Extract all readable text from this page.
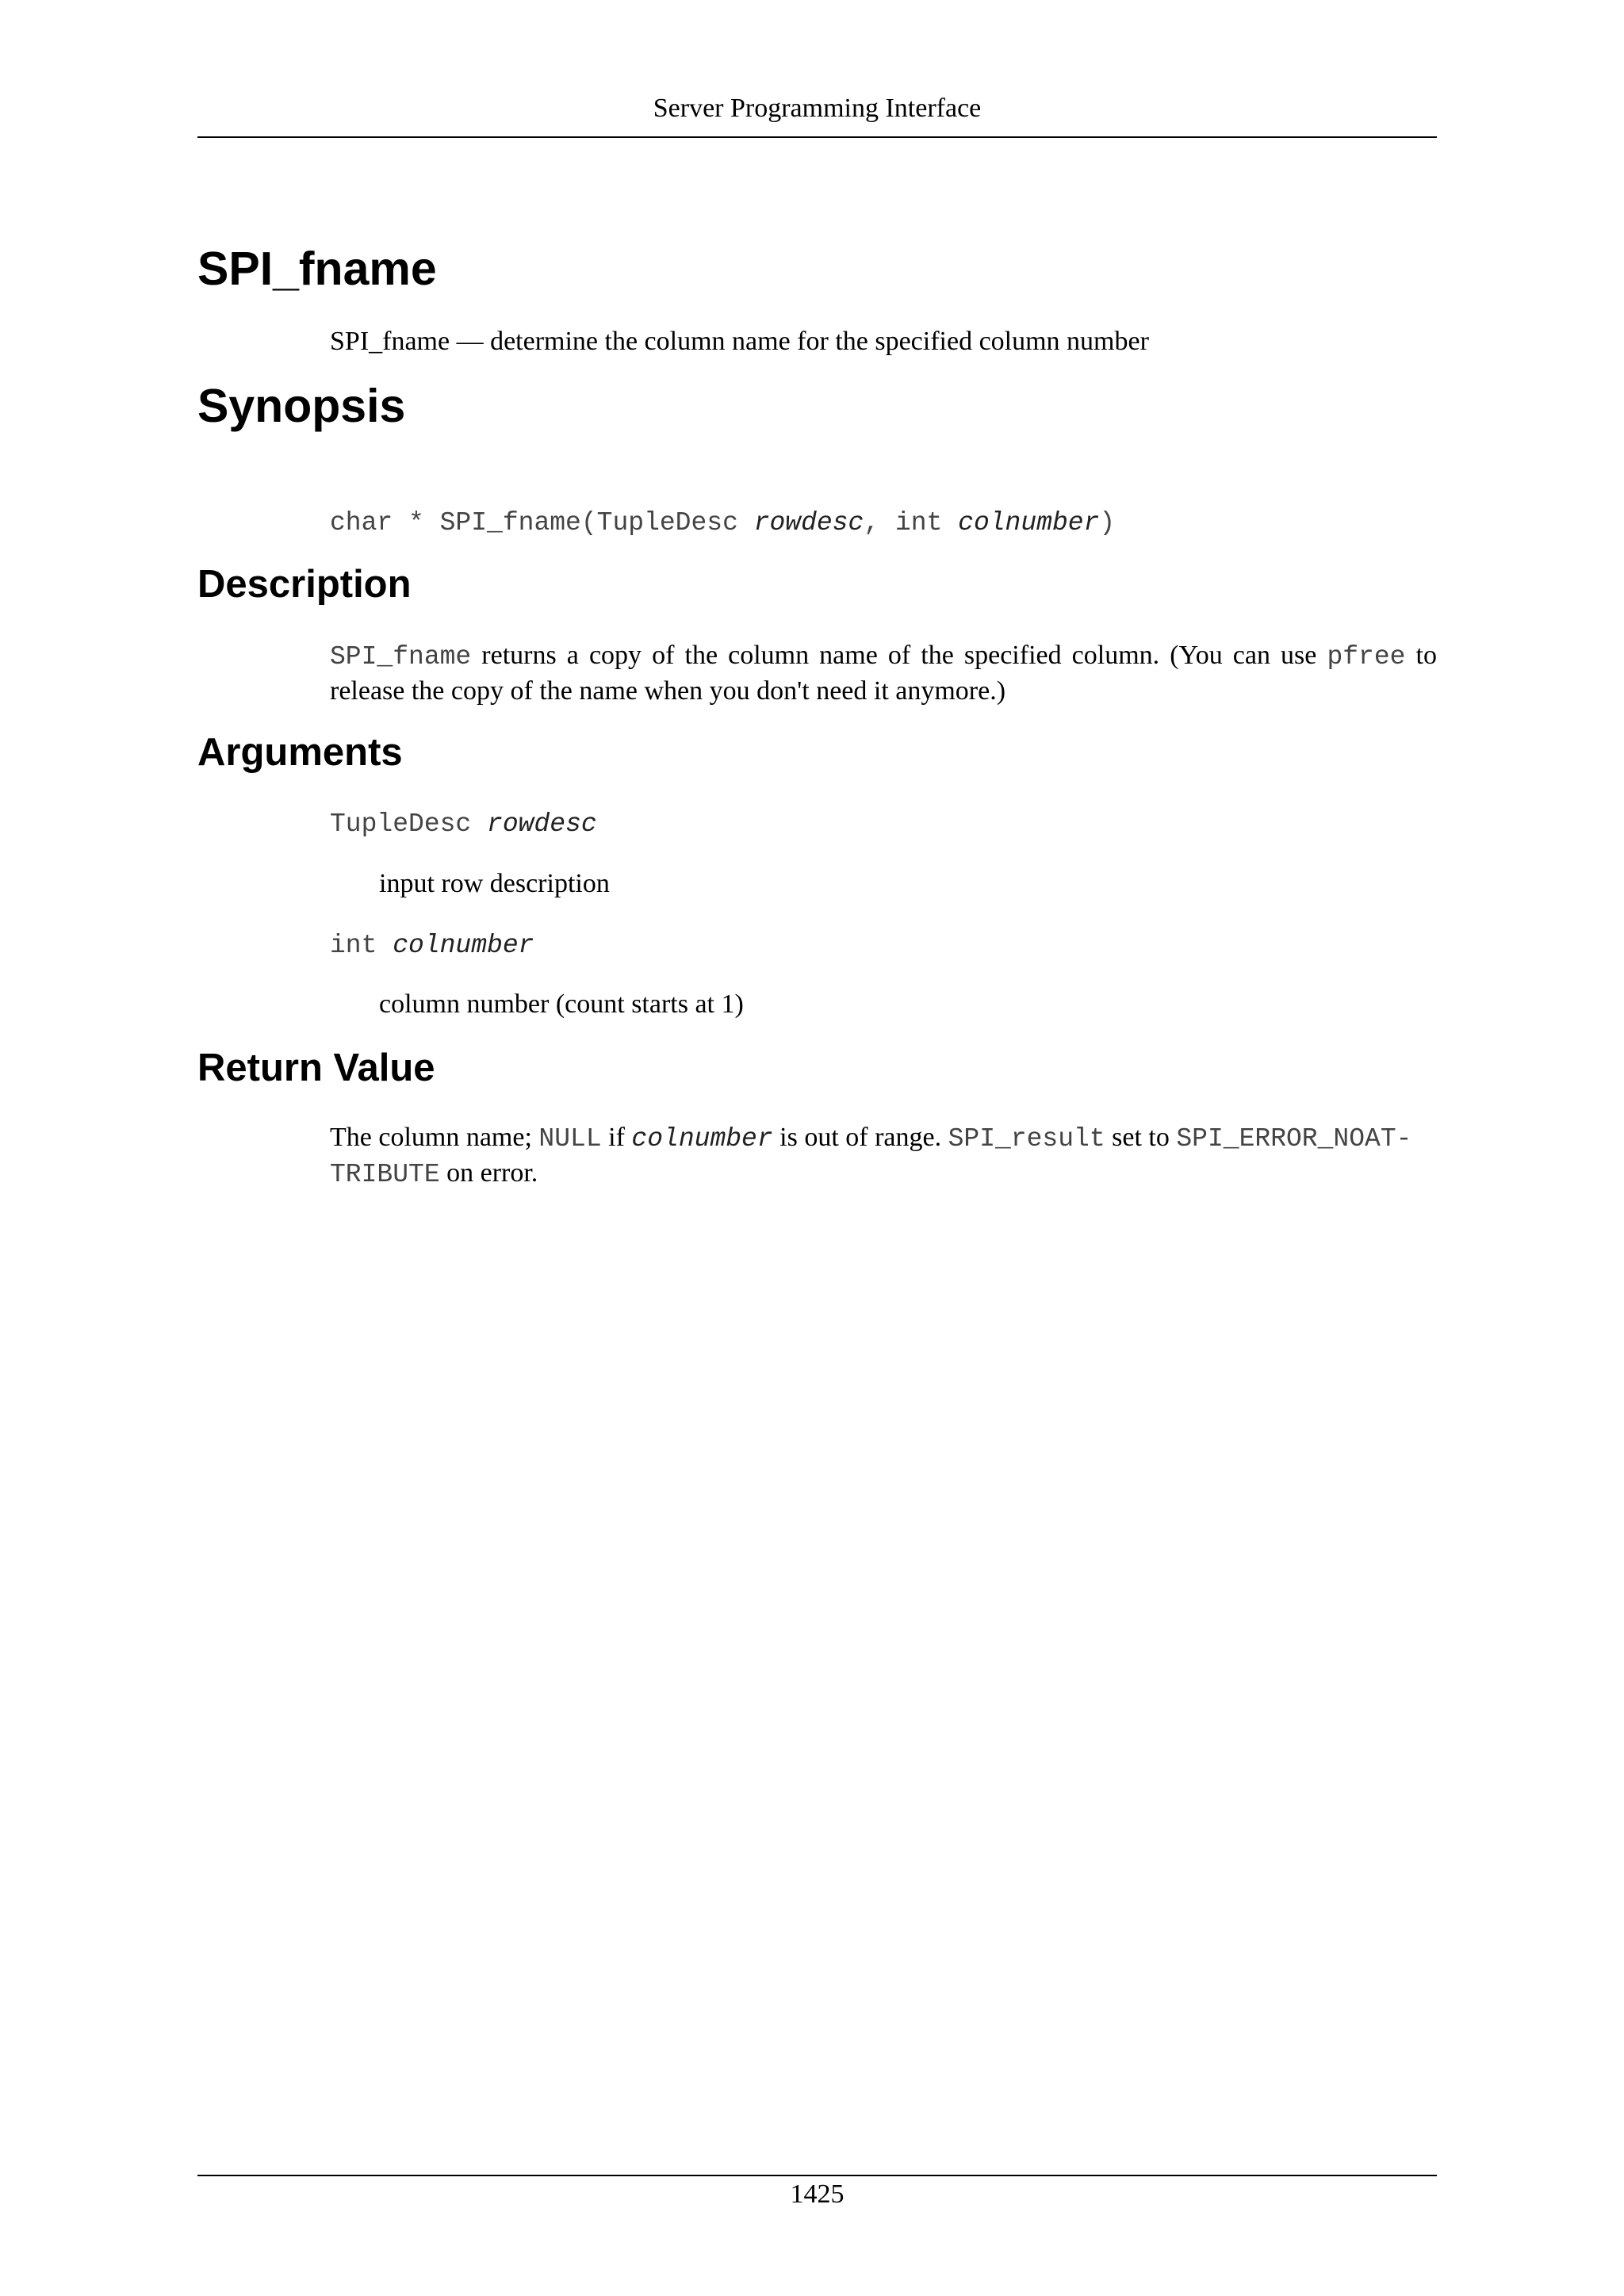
Server Programming Interface
SPI_fname

SPI_fname — determine the column name for the specified column number

Synopsis

char * SPI_fname(TupleDesc rowdesc, int colnumber)

Description

SPI_fname returns a copy of the column name of the specified column. (You can use pfree to release the copy of the name when you don't need it anymore.)

Arguments

TupleDesc rowdesc

input row description

int colnumber

column number (count starts at 1)

Return Value

The column name; NULL if colnumber is out of range. SPI_result set to SPI_ERROR_NOAT-
TRIBUTE on error.

1425
